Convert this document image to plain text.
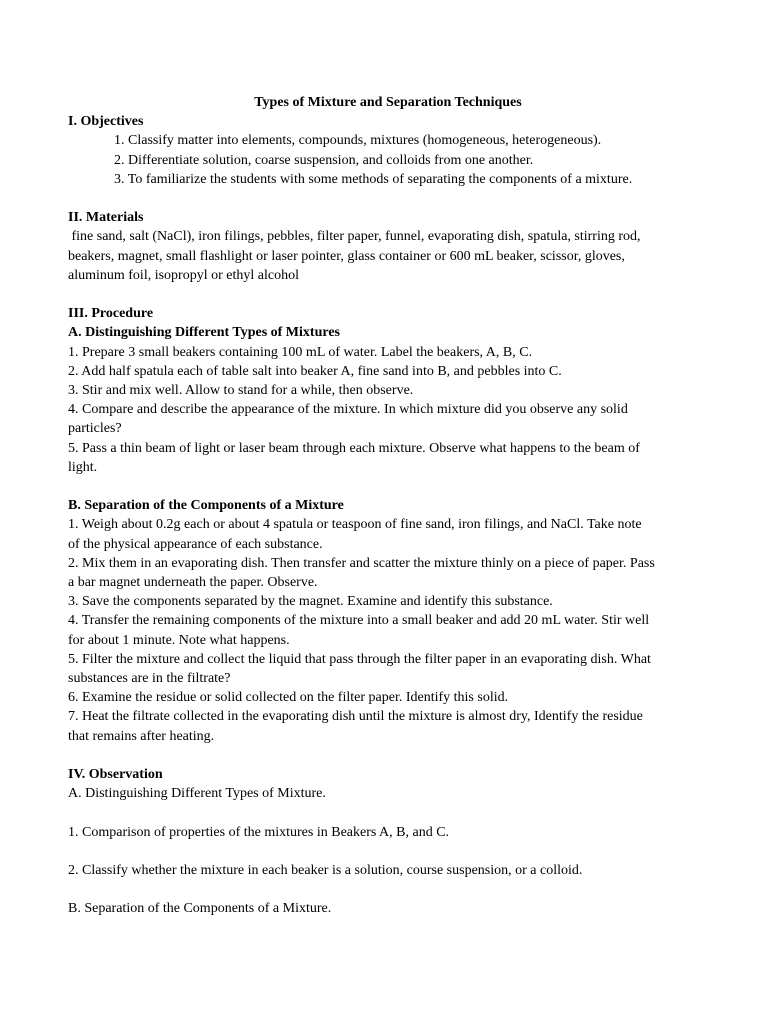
Types of Mixture and Separation Techniques
I. Objectives
1. Classify matter into elements, compounds, mixtures (homogeneous, heterogeneous).
2. Differentiate solution, coarse suspension, and colloids from one another.
3. To familiarize the students with some methods of separating the components of a mixture.
II. Materials
fine sand, salt (NaCl), iron filings, pebbles, filter paper, funnel, evaporating dish, spatula, stirring rod,
beakers, magnet, small flashlight or laser pointer, glass container or 600 mL beaker, scissor, gloves,
aluminum foil, isopropyl or ethyl alcohol
III. Procedure
A. Distinguishing Different Types of Mixtures
1. Prepare 3 small beakers containing 100 mL of water. Label the beakers, A, B, C.
2. Add half spatula each of table salt into beaker A, fine sand into B, and pebbles into C.
3. Stir and mix well. Allow to stand for a while, then observe.
4. Compare and describe the appearance of the mixture. In which mixture did you observe any solid
particles?
5. Pass a thin beam of light or laser beam through each mixture. Observe what happens to the beam of
light.
B. Separation of the Components of a Mixture
1. Weigh about 0.2g each or about 4 spatula or teaspoon of fine sand, iron filings, and NaCl. Take note
of the physical appearance of each substance.
2. Mix them in an evaporating dish. Then transfer and scatter the mixture thinly on a piece of paper. Pass
a bar magnet underneath the paper. Observe.
3. Save the components separated by the magnet. Examine and identify this substance.
4. Transfer the remaining components of the mixture into a small beaker and add 20 mL water. Stir well
for about 1 minute. Note what happens.
5. Filter the mixture and collect the liquid that pass through the filter paper in an evaporating dish. What
substances are in the filtrate?
6. Examine the residue or solid collected on the filter paper. Identify this solid.
7. Heat the filtrate collected in the evaporating dish until the mixture is almost dry, Identify the residue
that remains after heating.
IV. Observation
A. Distinguishing Different Types of Mixture.
1. Comparison of properties of the mixtures in Beakers A, B, and C.
2. Classify whether the mixture in each beaker is a solution, course suspension, or a colloid.
B. Separation of the Components of a Mixture.
